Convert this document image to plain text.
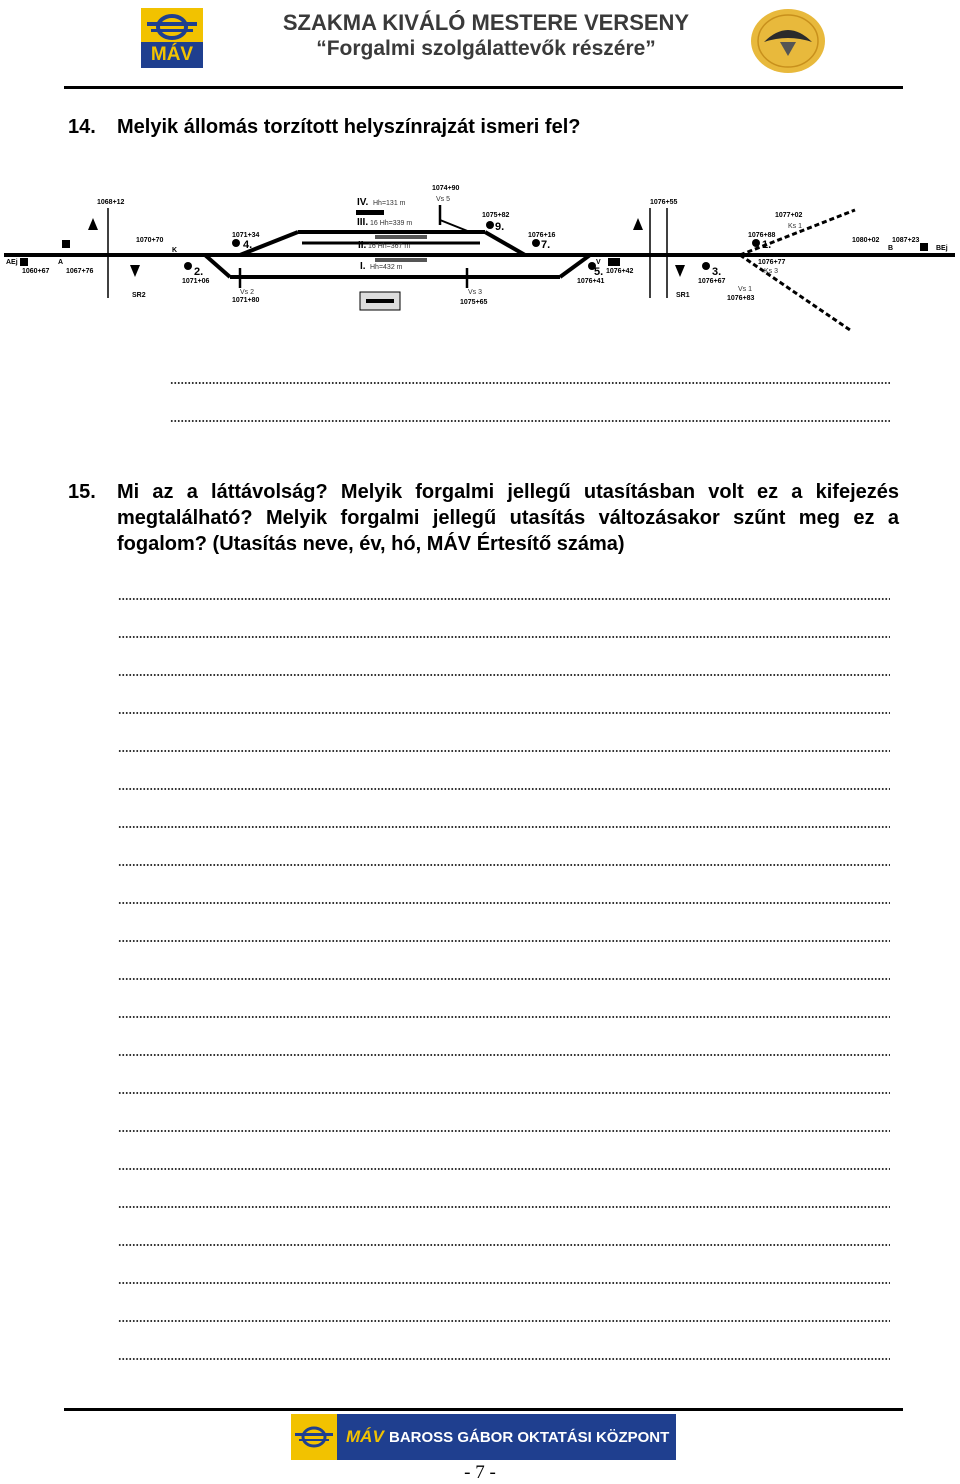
MÁV
SZAKMA KIVÁLÓ MESTERE VERSENY
“Forgalmi szolgálattevők részére”
14. Melyik állomás torzított helyszínrajzát ismeri fel?
1068+12
1070+70
1071+34
1071+06
1071+80
1074+90
1075+82
1076+16
1075+65
1076+55
1076+41
1076+42
1077+02
1076+88
1076+77
1076+67
1076+83
1080+02 1087+23
1060+67 1067+76
AEj	A
K
SR2	SR1
B	BEj
V
Hh=131 m
16 Hh=339 m
16 Hh=367 m
Hh=432 m
Vs 5
Vs 2	Vs 3	Vs 1
Ks 1
Ks 3
IV.
III.
II.
I.
2.
4.
9.
7.
5.	3.
1.
15. Mi az a láttávolság? Melyik forgalmi jellegű utasításban volt ez a kifejezés megtalálható? Melyik forgalmi jellegű utasítás változásakor szűnt meg ez a fogalom? (Utasítás neve, év, hó, MÁV Értesítő száma)
MÁV BAROSS GÁBOR OKTATÁSI KÖZPONT
- 7 -
